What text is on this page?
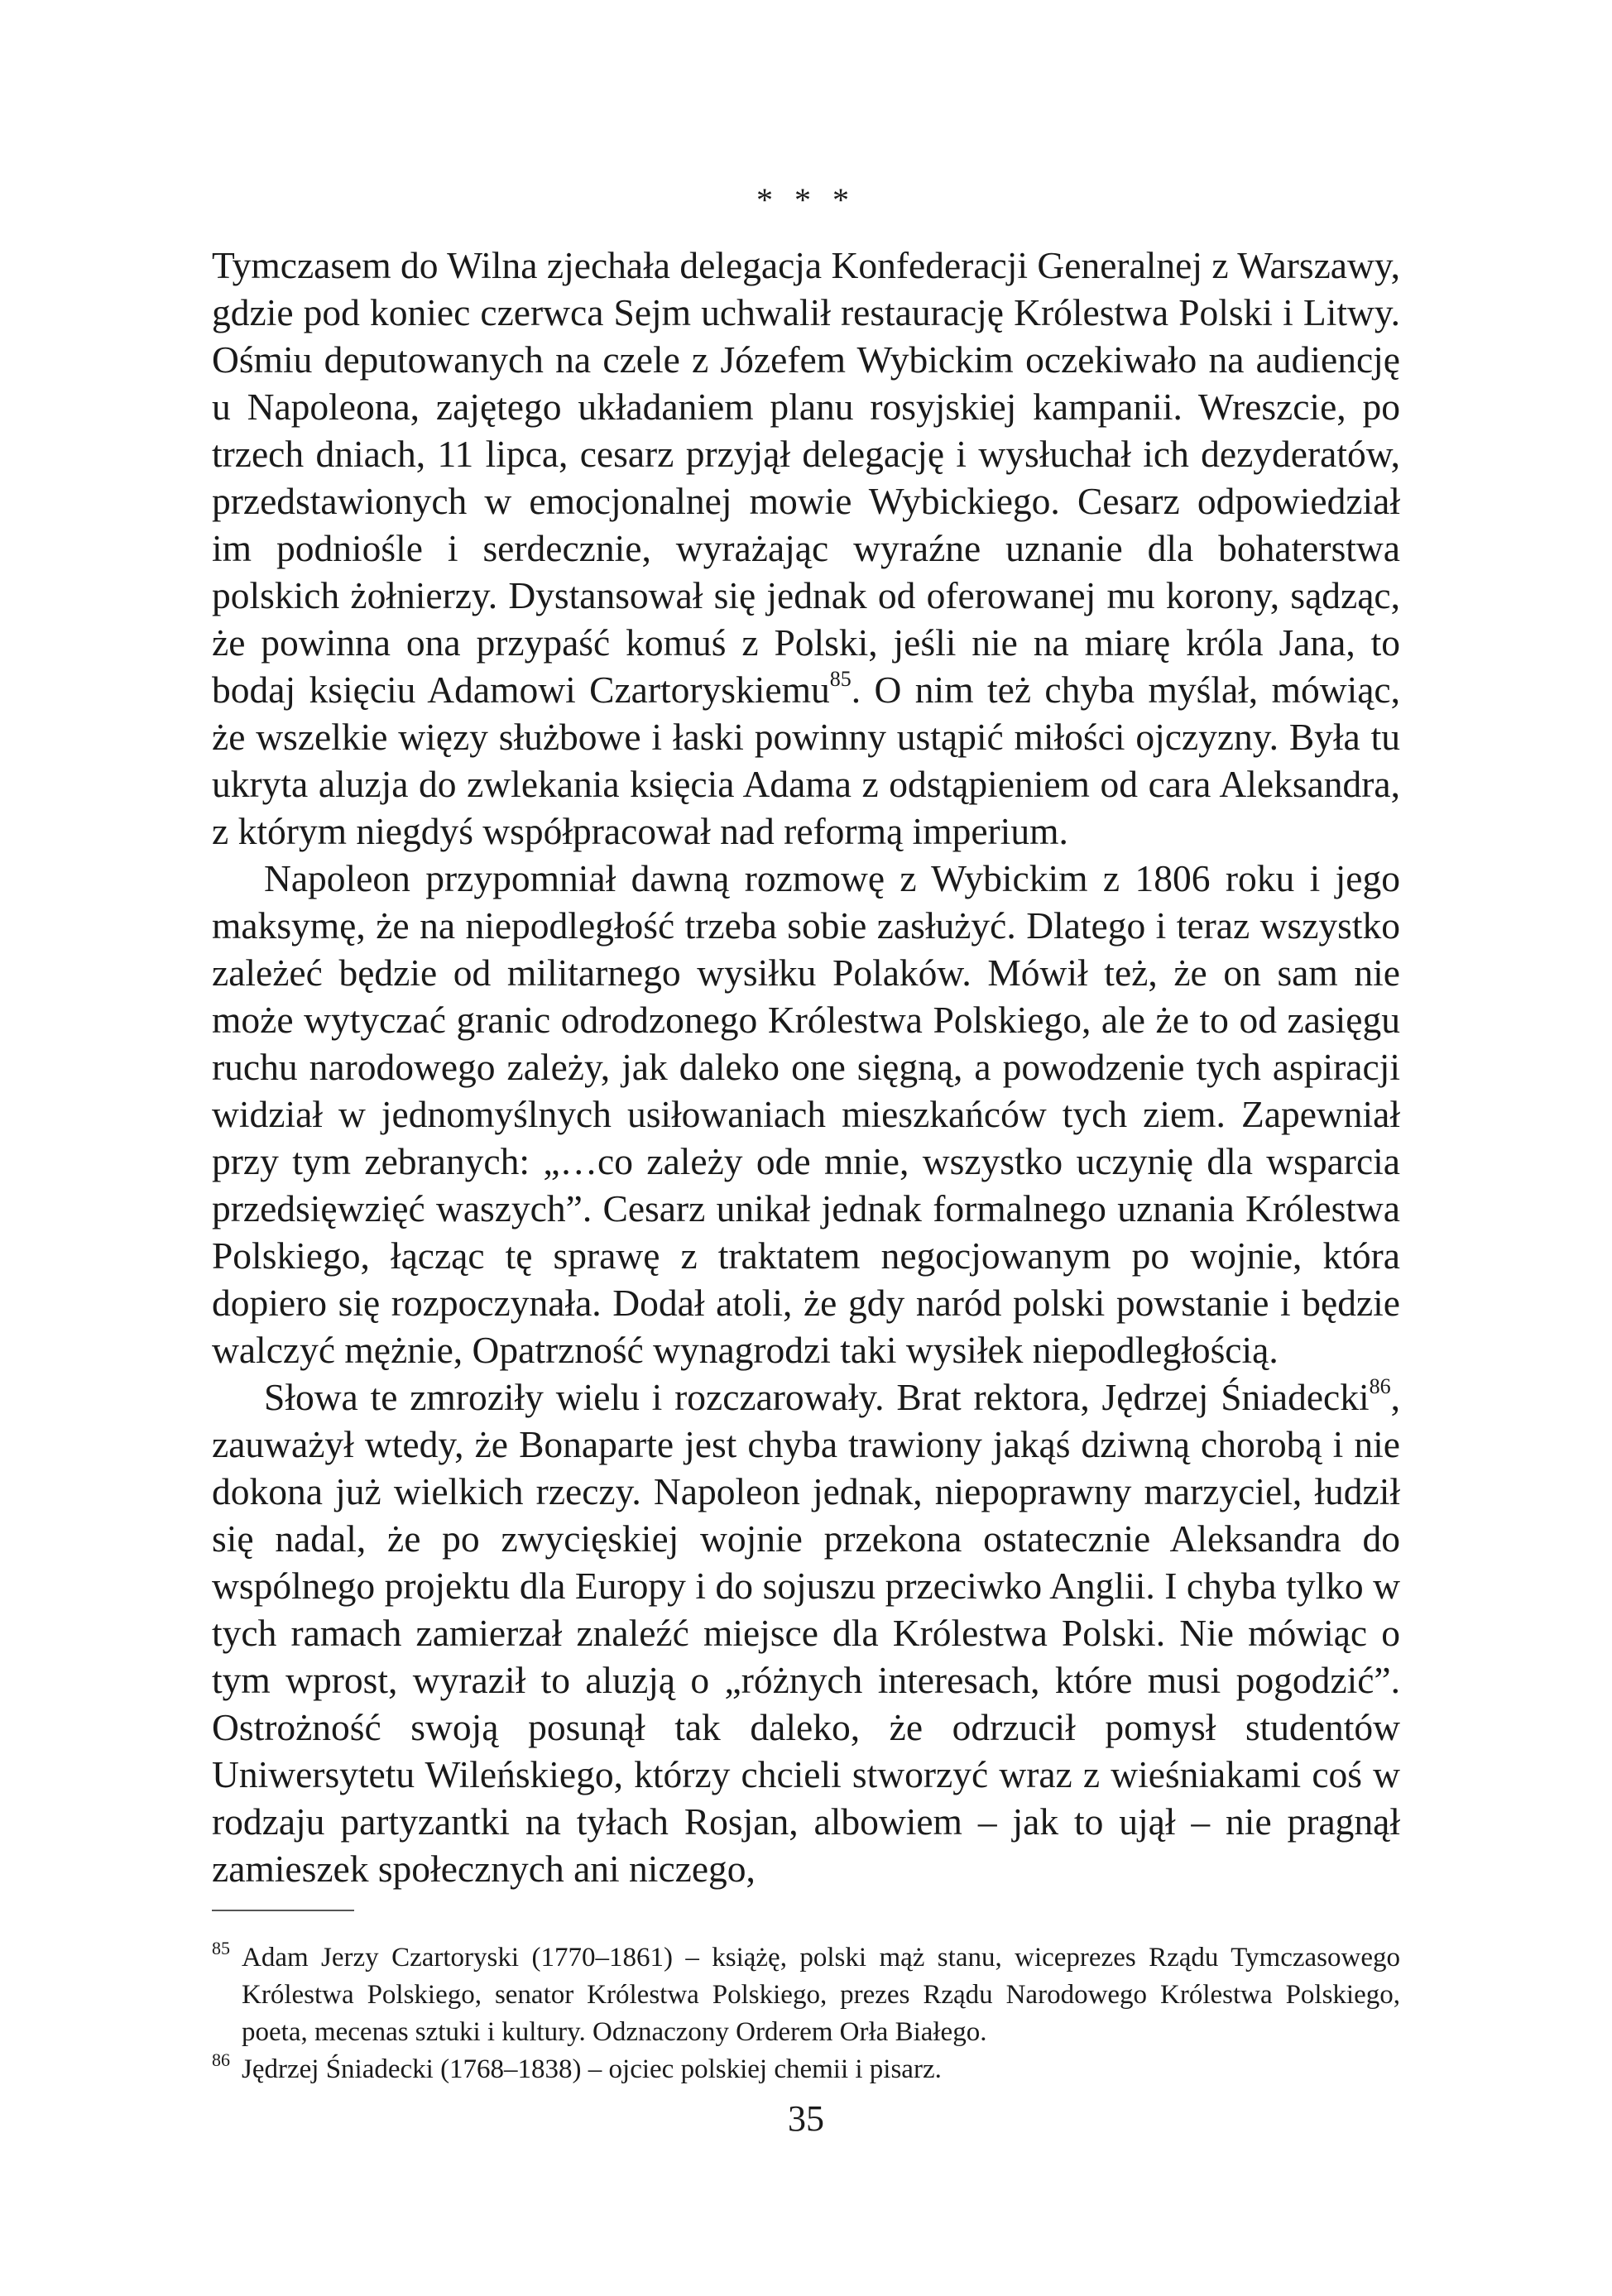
* * *

Tymczasem do Wilna zjechała delegacja Konfederacji Generalnej z Warszawy, gdzie pod koniec czerwca Sejm uchwalił restaurację Królestwa Polski i Litwy. Ośmiu deputowanych na czele z Józefem Wybickim oczekiwało na audiencję u Napoleona, zajętego układaniem planu rosyjskiej kampanii. Wreszcie, po trzech dniach, 11 lipca, cesarz przyjął delegację i wysłuchał ich dezyderatów, przedstawionych w emocjonalnej mowie Wybickiego. Cesarz odpowiedział im podniośle i serdecznie, wyrażając wyraźne uznanie dla bohaterstwa polskich żołnierzy. Dystansował się jednak od oferowanej mu korony, sądząc, że powinna ona przypaść komuś z Polski, jeśli nie na miarę króla Jana, to bodaj księciu Adamowi Czartoryskiemu$^{85}$. O nim też chyba myślał, mówiąc, że wszelkie więzy służbowe i łaski powinny ustąpić miłości ojczyzny. Była tu ukryta aluzja do zwlekania księcia Adama z odstąpieniem od cara Aleksandra, z którym niegdyś współpracował nad reformą imperium.

Napoleon przypomniał dawną rozmowę z Wybickim z 1806 roku i jego maksymę, że na niepodległość trzeba sobie zasłużyć. Dlatego i teraz wszystko zależeć będzie od militarnego wysiłku Polaków. Mówił też, że on sam nie może wytyczać granic odrodzonego Królestwa Polskiego, ale że to od zasięgu ruchu narodowego zależy, jak daleko one sięgną, a powodzenie tych aspiracji widział w jednomyślnych usiłowaniach mieszkańców tych ziem. Zapewniał przy tym zebranych: „…co zależy ode mnie, wszystko uczynię dla wsparcia przedsięwzięć waszych”. Cesarz unikał jednak formalnego uznania Królestwa Polskiego, łącząc tę sprawę z traktatem negocjowanym po wojnie, która dopiero się rozpoczynała. Dodał atoli, że gdy naród polski powstanie i będzie walczyć mężnie, Opatrzność wynagrodzi taki wysiłek niepodległością.

Słowa te zmroziły wielu i rozczarowały. Brat rektora, Jędrzej Śniadecki$^{86}$, zauważył wtedy, że Bonaparte jest chyba trawiony jakąś dziwną chorobą i nie dokona już wielkich rzeczy. Napoleon jednak, niepoprawny marzyciel, łudził się nadal, że po zwycięskiej wojnie przekona ostatecznie Aleksandra do wspólnego projektu dla Europy i do sojuszu przeciwko Anglii. I chyba tylko w tych ramach zamierzał znaleźć miejsce dla Królestwa Polski. Nie mówiąc o tym wprost, wyraził to aluzją o „różnych interesach, które musi pogodzić”. Ostrożność swoją posunął tak daleko, że odrzucił pomysł studentów Uniwersytetu Wileńskiego, którzy chcieli stworzyć wraz z wieśniakami coś w rodzaju partyzantki na tyłach Rosjan, albowiem – jak to ujął – nie pragnął zamieszek społecznych ani niczego,

85 Adam Jerzy Czartoryski (1770–1861) – książę, polski mąż stanu, wiceprezes Rządu Tymczasowego Królestwa Polskiego, senator Królestwa Polskiego, prezes Rządu Narodowego Królestwa Polskiego, poeta, mecenas sztuki i kultury. Odznaczony Orderem Orła Białego.

86 Jędrzej Śniadecki (1768–1838) – ojciec polskiej chemii i pisarz.

35
